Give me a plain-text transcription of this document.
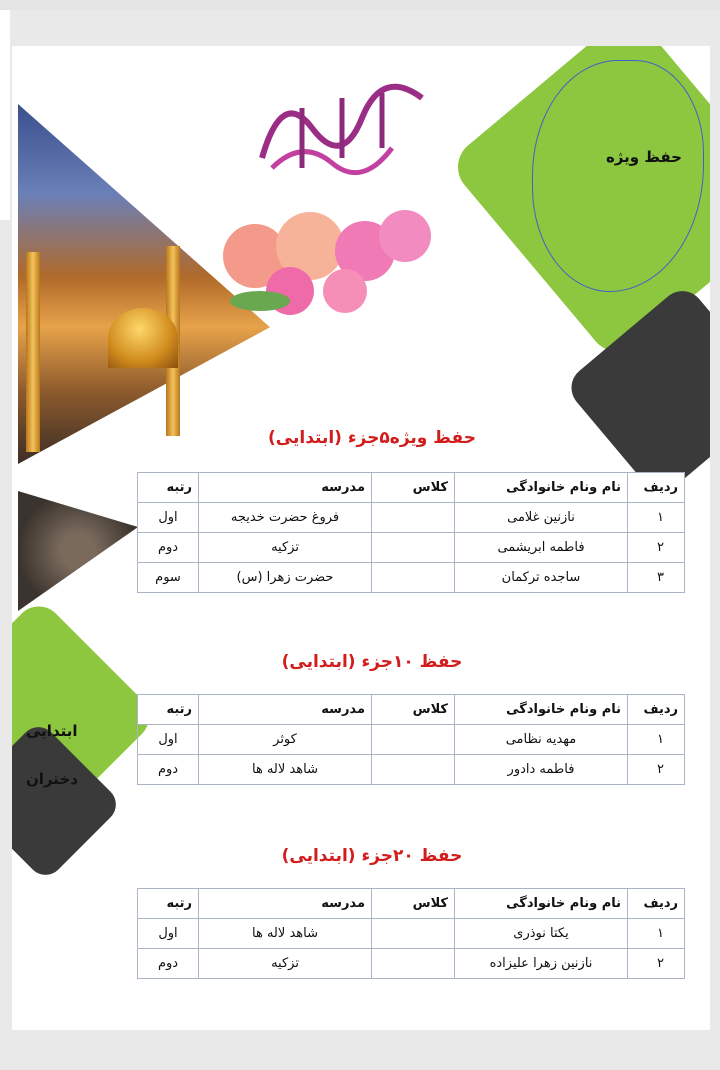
حفظ ویژه
ابتدایی
دختران
حفظ ویژه۵جزء (ابتدایی)
ردیف	نام ونام خانوادگی	کلاس	مدرسه	رتبه
۱	نازنین غلامی		فروغ حضرت خدیجه	اول
۲	فاطمه ابریشمی		تزکیه	دوم
۳	ساجده ترکمان		حضرت زهرا (س)	سوم
حفظ ۱۰جزء (ابتدایی)
ردیف	نام ونام خانوادگی	کلاس	مدرسه	رتبه
۱	مهدیه نظامی		کوثر	اول
۲	فاطمه دادور		شاهد لاله ها	دوم
حفظ ۲۰جزء (ابتدایی)
ردیف	نام ونام خانوادگی	کلاس	مدرسه	رتبه
۱	یکتا نوذری		شاهد لاله ها	اول
۲	نازنین زهرا علیزاده		تزکیه	دوم
